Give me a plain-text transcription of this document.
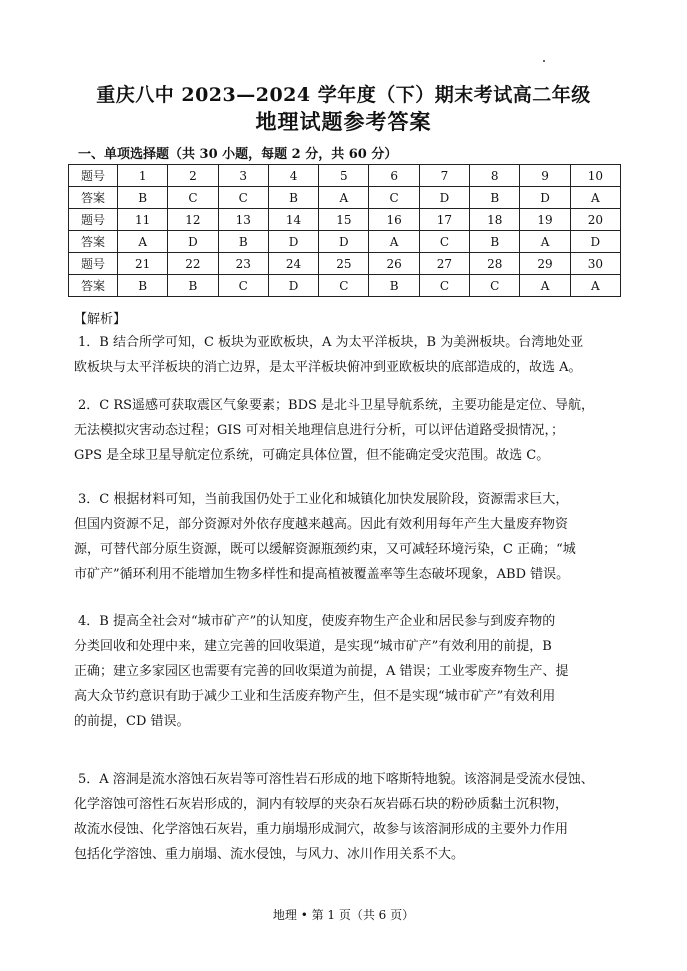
重庆八中 2023—2024 学年度（下）期末考试高二年级
地理试题参考答案
一、单项选择题（共 30 小题，每题 2 分，共 60 分）
题号	1	2	3	4	5	6	7	8	9	10
答案	B	C	C	B	A	C	D	B	D	A
题号	11	12	13	14	15	16	17	18	19	20
答案	A	D	B	D	D	A	C	B	A	D
题号	21	22	23	24	25	26	27	28	29	30
答案	B	B	C	D	C	B	C	C	A	A
【解析】
1．B 结合所学可知，C 板块为亚欧板块，A 为太平洋板块，B 为美洲板块。台湾地处亚
欧板块与太平洋板块的消亡边界，是太平洋板块俯冲到亚欧板块的底部造成的，故选 A。
2．C RS遥感可获取震区气象要素；BDS 是北斗卫星导航系统，主要功能是定位、导航，
无法模拟灾害动态过程；GIS 可对相关地理信息进行分析，可以评估道路受损情况，；
GPS 是全球卫星导航定位系统，可确定具体位置，但不能确定受灾范围。故选 C。
3．C 根据材料可知，当前我国仍处于工业化和城镇化加快发展阶段，资源需求巨大，
但国内资源不足，部分资源对外依存度越来越高。因此有效利用每年产生大量废弃物资
源，可替代部分原生资源，既可以缓解资源瓶颈约束，又可减轻环境污染，C 正确；“城
市矿产”循环利用不能增加生物多样性和提高植被覆盖率等生态破坏现象，ABD 错误。
4．B 提高全社会对“城市矿产”的认知度，使废弃物生产企业和居民参与到废弃物的
分类回收和处理中来，建立完善的回收渠道，是实现“城市矿产”有效利用的前提，B
正确；建立多家园区也需要有完善的回收渠道为前提，A 错误；工业零废弃物生产、提
高大众节约意识有助于减少工业和生活废弃物产生，但不是实现“城市矿产”有效利用
的前提，CD 错误。
5．A 溶洞是流水溶蚀石灰岩等可溶性岩石形成的地下喀斯特地貌。该溶洞是受流水侵蚀、
化学溶蚀可溶性石灰岩形成的，洞内有较厚的夹杂石灰岩砾石块的粉砂质黏土沉积物，
故流水侵蚀、化学溶蚀石灰岩，重力崩塌形成洞穴，故参与该溶洞形成的主要外力作用
包括化学溶蚀、重力崩塌、流水侵蚀，与风力、冰川作用关系不大。
地理 • 第 1 页（共 6 页）
